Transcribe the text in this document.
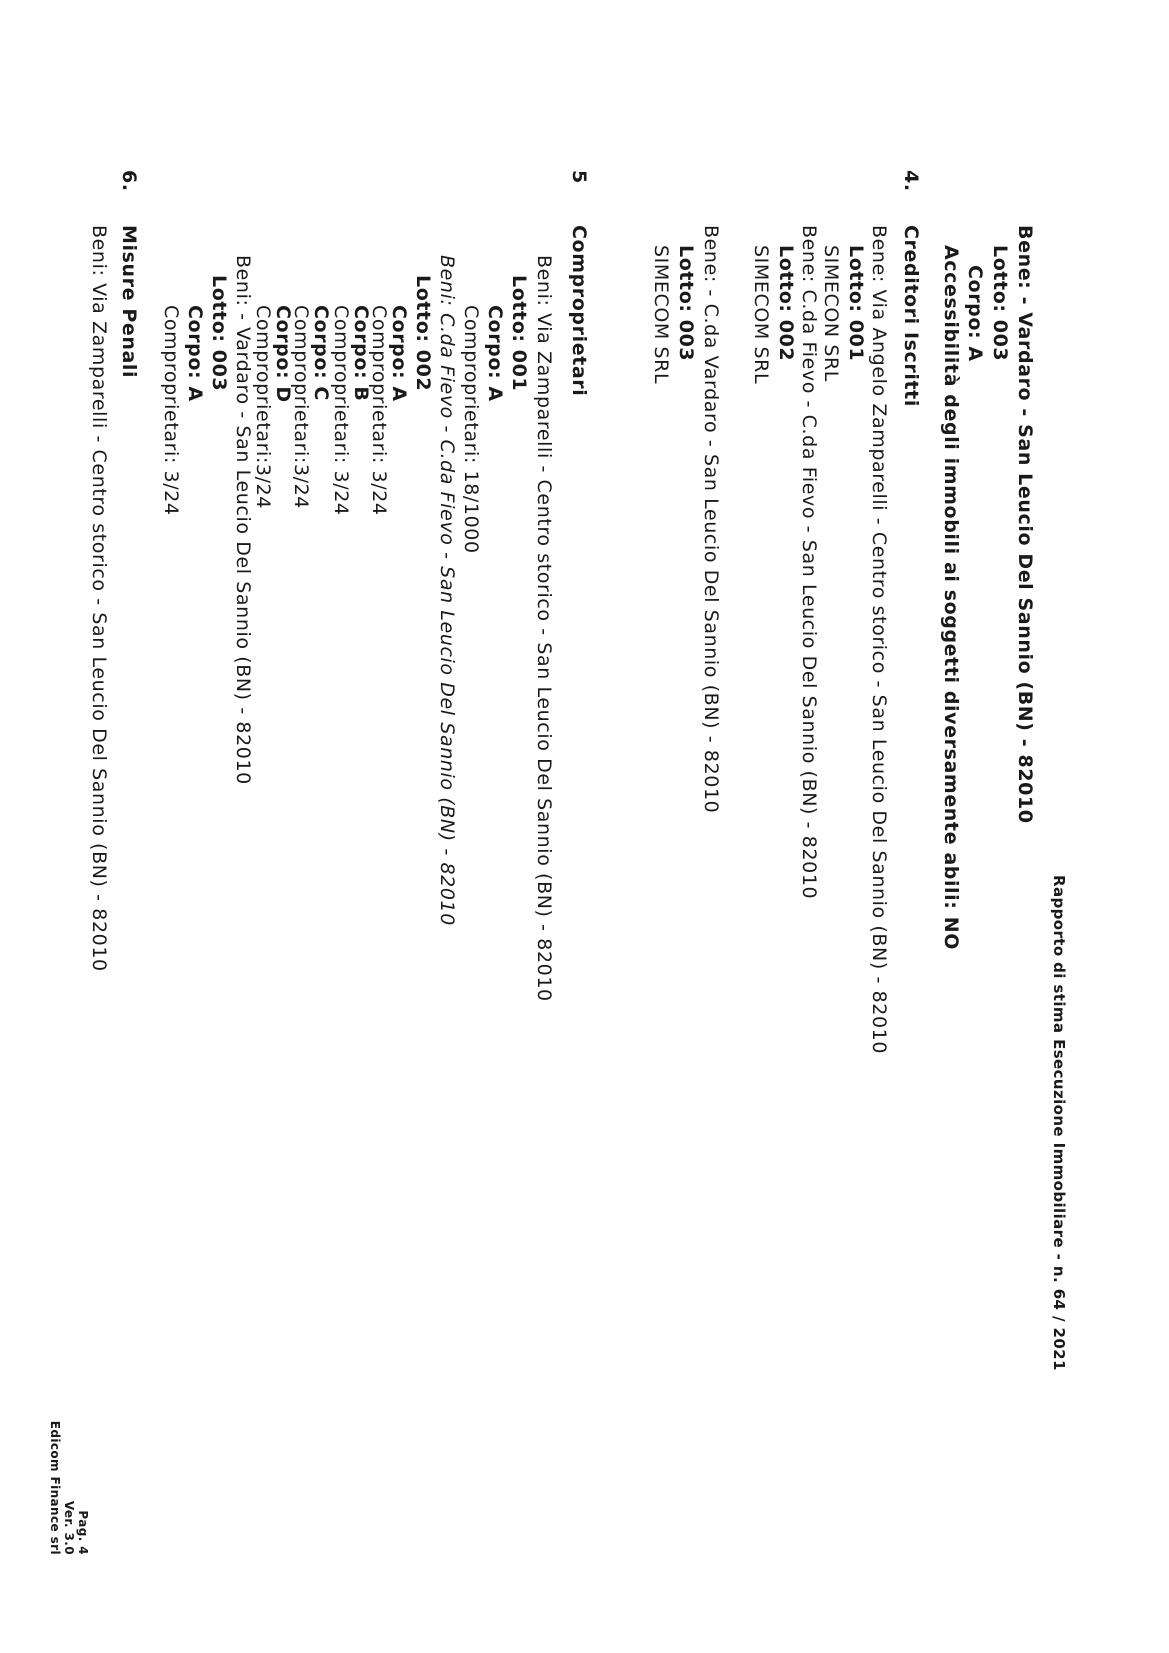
Rapporto di stima Esecuzione Immobiliare - n. 64 / 2021
Bene: - Vardaro - San Leucio Del Sannio (BN) - 82010
Lotto: 003
Corpo: A
Accessibilità degli immobili ai soggetti diversamente abili: NO
4.
Creditori Iscritti
Bene: Via Angelo Zamparelli - Centro storico - San Leucio Del Sannio (BN) - 82010
Lotto: 001
SIMECON SRL
Bene: C.da Fievo - C.da Fievo - San Leucio Del Sannio (BN) - 82010
Lotto: 002
SIMECOM SRL
Bene: - C.da Vardaro - San Leucio Del Sannio (BN) - 82010
Lotto: 003
SIMECOM SRL
5
Comproprietari
Beni: Via Zamparelli - Centro storico - San Leucio Del Sannio (BN) - 82010
Lotto: 001
Corpo: A
Comproprietari: 18/1000
Beni: C.da Fievo - C.da Fievo - San Leucio Del Sannio (BN) - 82010
Lotto: 002
Corpo: A
Comproprietari: 3/24
Corpo: B
Comproprietari: 3/24
Corpo: C
Comproprietari:3/24
Corpo: D
Comproprietari:3/24
Beni: - Vardaro - San Leucio Del Sannio (BN) - 82010
Lotto: 003
Corpo: A
Comproprietari: 3/24
6.
Misure Penali
Beni: Via Zamparelli - Centro storico - San Leucio Del Sannio (BN) - 82010
Pag. 4
Ver. 3.0
Edicom Finance srl
